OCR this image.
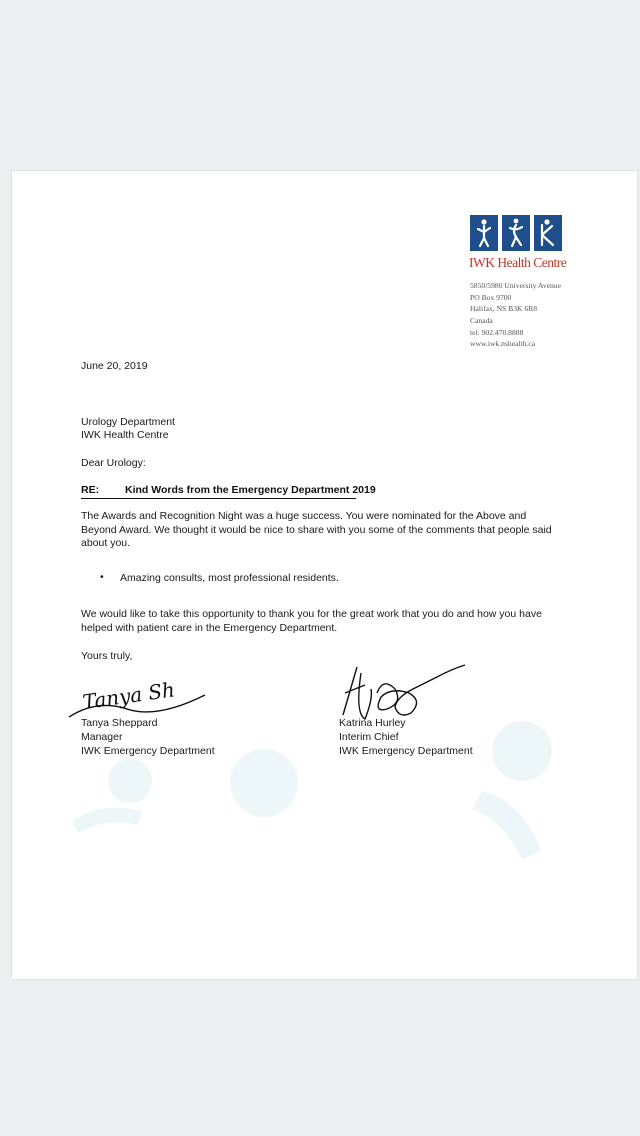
IWK Health Centre
5850/5980 University Avenue
PO Box 9700
Halifax, NS B3K 6R8
Canada
tel: 902.470.8888
www.iwk.nshealth.ca
June 20, 2019
Urology Department
IWK Health Centre
Dear Urology:
RE: Kind Words from the Emergency Department 2019
The Awards and Recognition Night was a huge success. You were nominated for the Above and Beyond Award. We thought it would be nice to share with you some of the comments that people said about you.
• Amazing consults, most professional residents.
We would like to take this opportunity to thank you for the great work that you do and how you have helped with patient care in the Emergency Department.
Yours truly,
Tanya Sh
Tanya Sheppard
Manager
IWK Emergency Department
Katrina Hurley
Interim Chief
IWK Emergency Department
